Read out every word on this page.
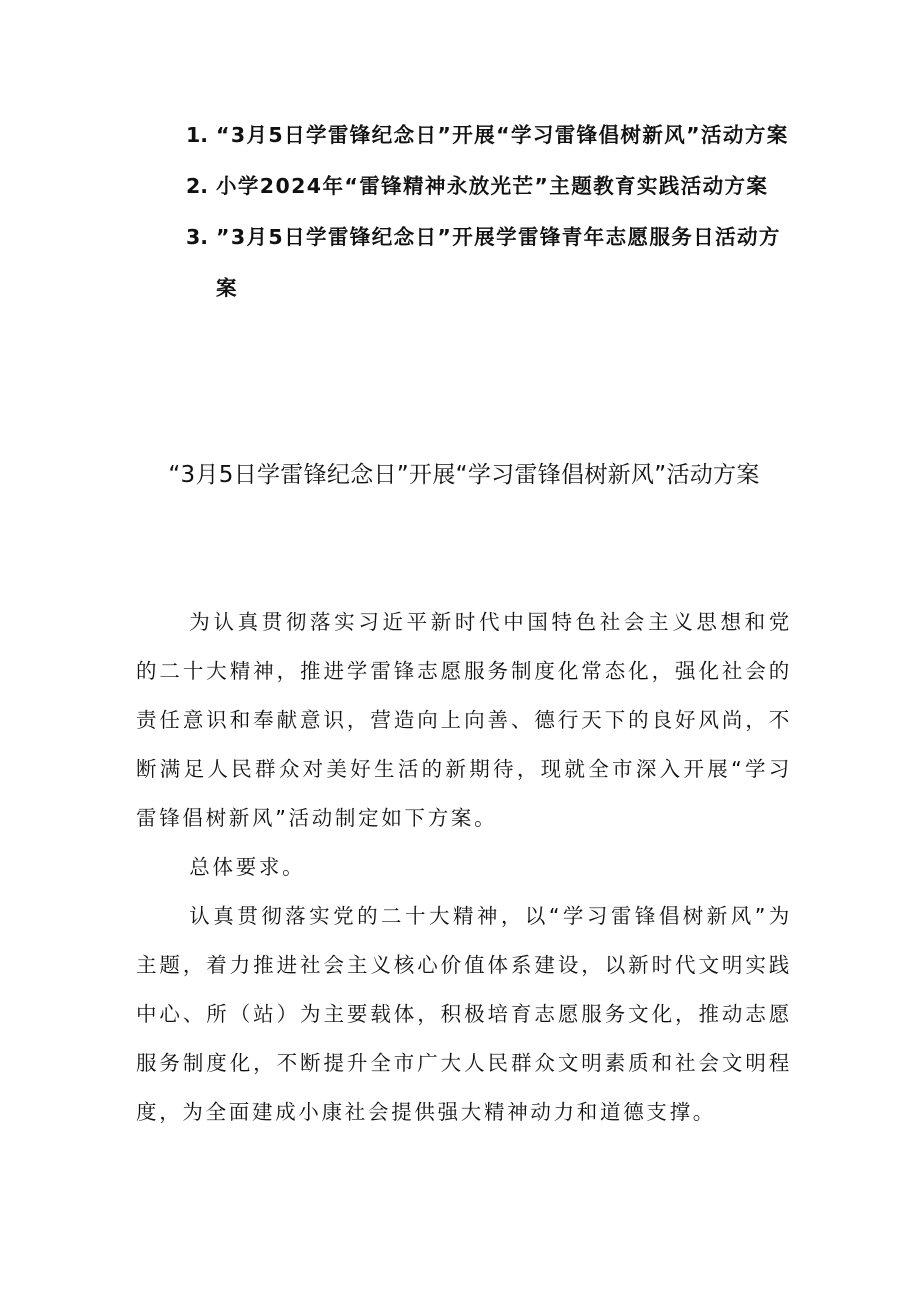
1. “3月5日学雷锋纪念日”开展“学习雷锋倡树新风”活动方案
2. 小学2024年“雷锋精神永放光芒”主题教育实践活动方案
3. ”3月5日学雷锋纪念日”开展学雷锋青年志愿服务日活动方案
“3月5日学雷锋纪念日”开展“学习雷锋倡树新风”活动方案

为认真贯彻落实习近平新时代中国特色社会主义思想和党的二十大精神，推进学雷锋志愿服务制度化常态化，强化社会的责任意识和奉献意识，营造向上向善、德行天下的良好风尚，不断满足人民群众对美好生活的新期待，现就全市深入开展“学习雷锋倡树新风”活动制定如下方案。

总体要求。

认真贯彻落实党的二十大精神，以“学习雷锋倡树新风”为主题，着力推进社会主义核心价值体系建设，以新时代文明实践中心、所（站）为主要载体，积极培育志愿服务文化，推动志愿服务制度化，不断提升全市广大人民群众文明素质和社会文明程度，为全面建成小康社会提供强大精神动力和道德支撑。
